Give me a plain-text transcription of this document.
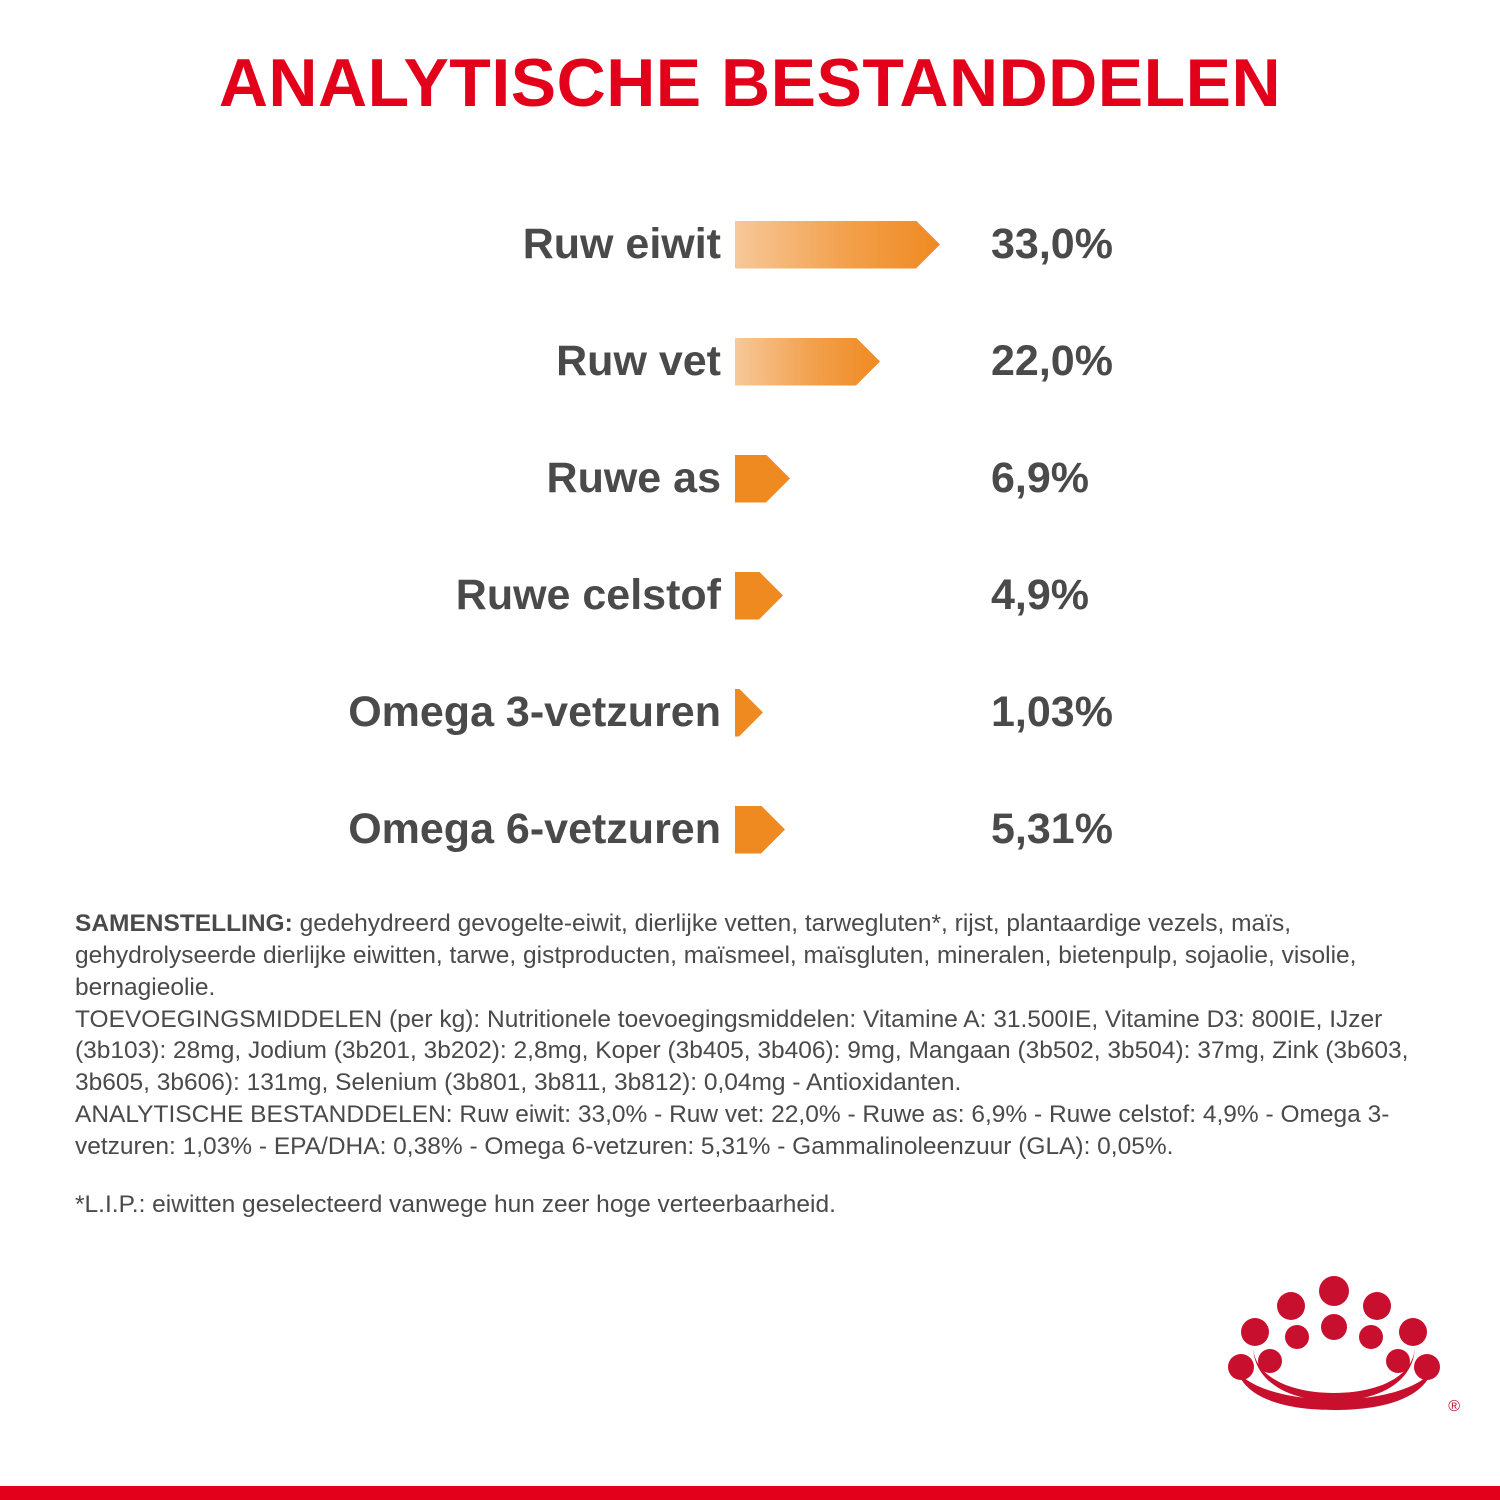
ANALYTISCHE BESTANDDELEN
Ruw eiwit	33,0%
Ruw vet	22,0%
Ruwe as	6,9%
Ruwe celstof	4,9%
Omega 3-vetzuren	1,03%
Omega 6-vetzuren	5,31%

SAMENSTELLING: gedehydreerd gevogelte-eiwit, dierlijke vetten, tarwegluten*, rijst, plantaardige vezels, maïs, gehydrolyseerde dierlijke eiwitten, tarwe, gistproducten, maïsmeel, maïsgluten, mineralen, bietenpulp, sojaolie, visolie, bernagieolie.

TOEVOEGINGSMIDDELEN (per kg): Nutritionele toevoegingsmiddelen: Vitamine A: 31.500IE, Vitamine D3: 800IE, IJzer (3b103): 28mg, Jodium (3b201, 3b202): 2,8mg, Koper (3b405, 3b406): 9mg, Mangaan (3b502, 3b504): 37mg, Zink (3b603, 3b605, 3b606): 131mg, Selenium (3b801, 3b811, 3b812): 0,04mg - Antioxidanten.

ANALYTISCHE BESTANDDELEN: Ruw eiwit: 33,0% - Ruw vet: 22,0% - Ruwe as: 6,9% - Ruwe celstof: 4,9% - Omega 3-vetzuren: 1,03% - EPA/DHA: 0,38% - Omega 6-vetzuren: 5,31% - Gammalinoleenzuur (GLA): 0,05%.

*L.I.P.: eiwitten geselecteerd vanwege hun zeer hoge verteerbaarheid.

®
